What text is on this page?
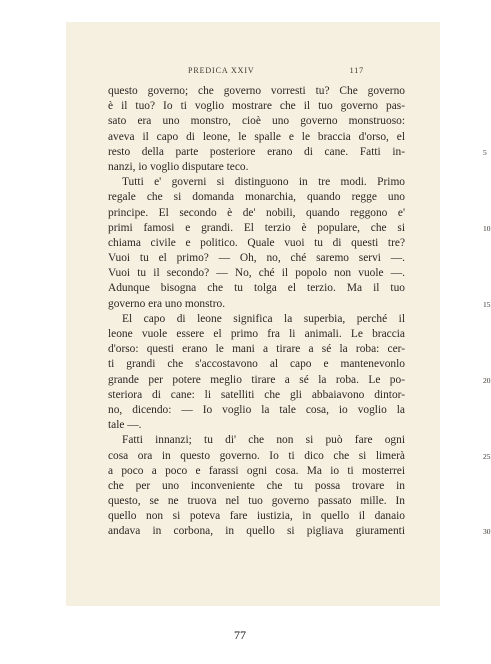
PREDICA XXIV	117
questo governo; che governo vorresti tu? Che governo
è il tuo? Io ti voglio mostrare che il tuo governo pas-
sato era uno monstro, cioè uno governo monstruoso:
aveva il capo di leone, le spalle e le braccia d'orso, el
resto della parte posteriore erano di cane. Fatti in-	5
nanzi, io voglio disputare teco.
Tutti e' governi si distinguono in tre modi. Primo
regale che si domanda monarchia, quando regge uno
principe. El secondo è de' nobili, quando reggono e'
primi famosi e grandi. El terzio è populare, che si	10
chiama civile e politico. Quale vuoi tu di questi tre?
Vuoi tu el primo? — Oh, no, ché saremo servi —.
Vuoi tu il secondo? — No, ché il popolo non vuole —.
Adunque bisogna che tu tolga el terzio. Ma il tuo
governo era uno monstro.	15
El capo di leone significa la superbia, perché il
leone vuole essere el primo fra li animali. Le braccia
d'orso: questi erano le mani a tirare a sé la roba: cer-
ti grandi che s'accostavono al capo e mantenevonlo
grande per potere meglio tirare a sé la roba. Le po-	20
steriora di cane: li satelliti che gli abbaiavono dintor-
no, dicendo: — Io voglio la tale cosa, io voglio la
tale —.
Fatti innanzi; tu di' che non si può fare ogni
cosa ora in questo governo. Io ti dico che si limerà	25
a poco a poco e farassi ogni cosa. Ma io ti mosterrei
che per uno inconveniente che tu possa trovare in
questo, se ne truova nel tuo governo passato mille. In
quello non si poteva fare iustizia, in quello il danaio
andava in corbona, in quello si pigliava giuramenti	30
77
